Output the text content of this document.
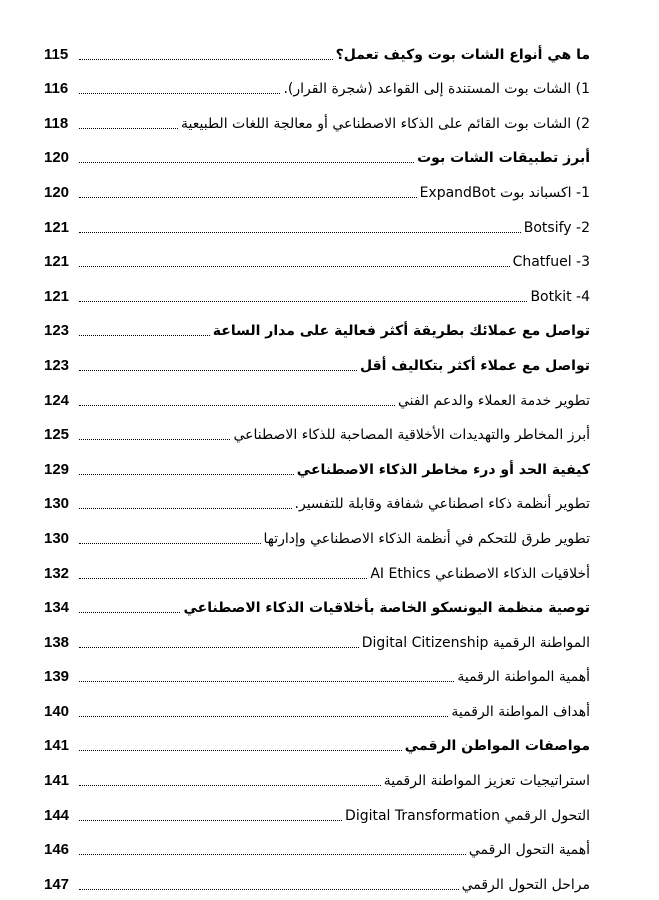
ما هي أنواع الشات بوت وكيف تعمل؟
115
1) الشات بوت المستندة إلى القواعد (شجرة القرار).
116
2) الشات بوت القائم على الذكاء الاصطناعي أو معالجة اللغات الطبيعية
118
أبرز تطبيقات الشات بوت
120
1- اكسباند بوت ExpandBot
120
Botsify -2
121
Chatfuel -3
121
Botkit -4
121
تواصل مع عملائك بطريقة أكثر فعالية على مدار الساعة
123
تواصل مع عملاء أكثر بتكاليف أقل
123
تطوير خدمة العملاء والدعم الفني
124
أبرز المخاطر والتهديدات الأخلاقية المصاحبة للذكاء الاصطناعي
125
كيفية الحد أو درء مخاطر الذكاء الاصطناعي
129
تطوير أنظمة ذكاء اصطناعي شفافة وقابلة للتفسير.
130
تطوير طرق للتحكم في أنظمة الذكاء الاصطناعي وإدارتها
130
أخلاقيات الذكاء الاصطناعي AI Ethics
132
توصية منظمة اليونسكو الخاصة بأخلاقيات الذكاء الاصطناعي
134
المواطنة الرقمية Digital Citizenship
138
أهمية المواطنة الرقمية
139
أهداف المواطنة الرقمية
140
مواصفات المواطن الرقمي
141
استراتيجيات تعزيز المواطنة الرقمية
141
التحول الرقمي Digital Transformation
144
أهمية التحول الرقمي
146
مراحل التحول الرقمي
147
